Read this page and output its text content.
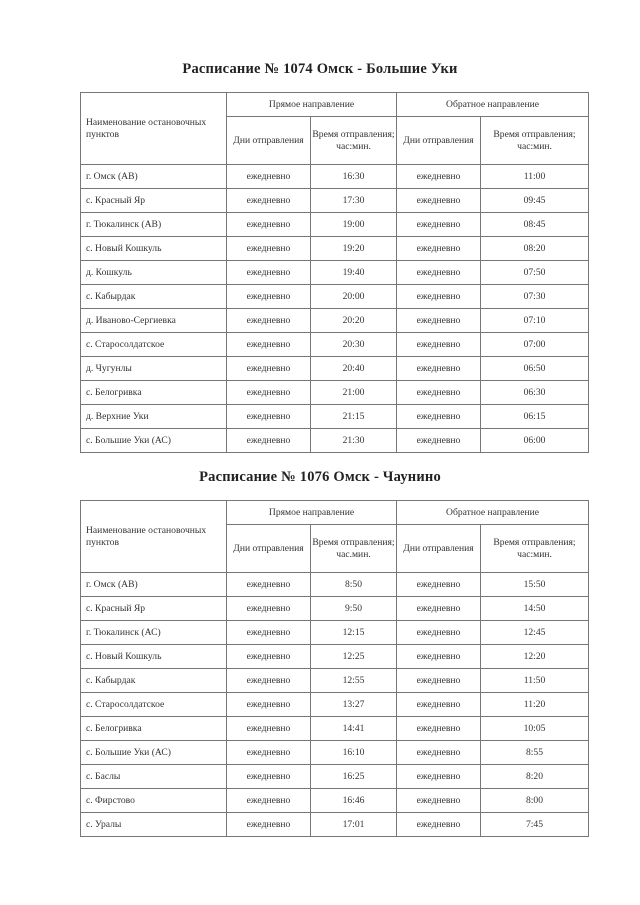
Расписание № 1074 Омск - Большие Уки
Наименование остановочных пунктов	Прямое направление		Обратное направление	
	Дни отправления	Время отправления; час:мин.	Дни отправления	Время отправления; час:мин.
г. Омск (АВ)	ежедневно	16:30	ежедневно	11:00
с. Красный Яр	ежедневно	17:30	ежедневно	09:45
г. Тюкалинск (АВ)	ежедневно	19:00	ежедневно	08:45
с. Новый Кошкуль	ежедневно	19:20	ежедневно	08:20
д. Кошкуль	ежедневно	19:40	ежедневно	07:50
с. Кабырдак	ежедневно	20:00	ежедневно	07:30
д. Иваново-Сергиевка	ежедневно	20:20	ежедневно	07:10
с. Старосолдатское	ежедневно	20:30	ежедневно	07:00
д. Чугунлы	ежедневно	20:40	ежедневно	06:50
с. Белогривка	ежедневно	21:00	ежедневно	06:30
д. Верхние Уки	ежедневно	21:15	ежедневно	06:15
с. Большие Уки (АС)	ежедневно	21:30	ежедневно	06:00
Расписание № 1076 Омск - Чаунино
Наименование остановочных пунктов	Прямое направление		Обратное направление	
	Дни отправления	Время отправления; час.мин.	Дни отправления	Время отправления; час:мин.
г. Омск (АВ)	ежедневно	8:50	ежедневно	15:50
с. Красный Яр	ежедневно	9:50	ежедневно	14:50
г. Тюкалинск (АС)	ежедневно	12:15	ежедневно	12:45
с. Новый Кошкуль	ежедневно	12:25	ежедневно	12:20
с. Кабырдак	ежедневно	12:55	ежедневно	11:50
с. Старосолдатское	ежедневно	13:27	ежедневно	11:20
с. Белогривка	ежедневно	14:41	ежедневно	10:05
с. Большие Уки (АС)	ежедневно	16:10	ежедневно	8:55
с. Баслы	ежедневно	16:25	ежедневно	8:20
с. Фирстово	ежедневно	16:46	ежедневно	8:00
с. Уралы	ежедневно	17:01	ежедневно	7:45
